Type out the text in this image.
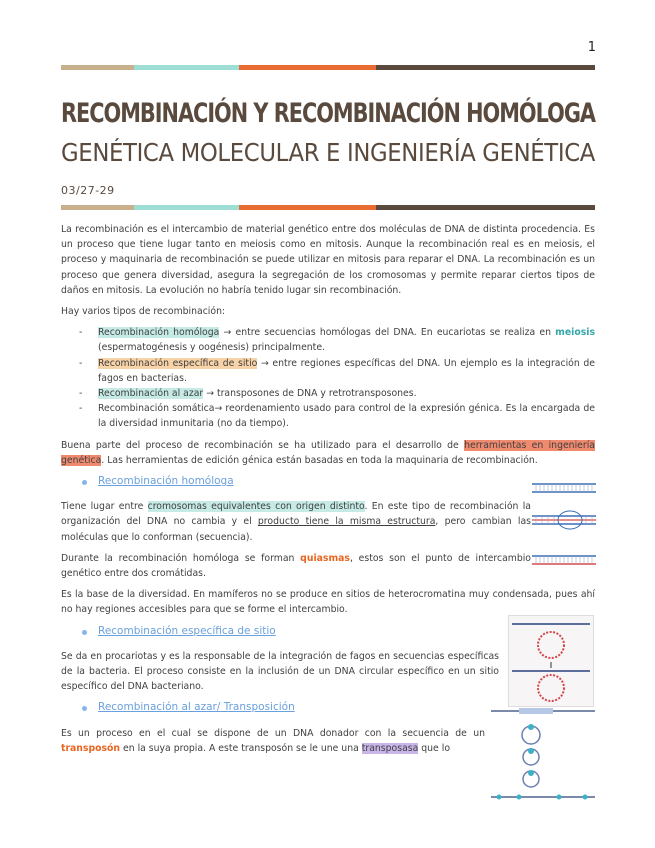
1
RECOMBINACIÓN Y RECOMBINACIÓN HOMÓLOGA
GENÉTICA MOLECULAR E INGENIERÍA GENÉTICA
03/27-29

La recombinación es el intercambio de material genético entre dos moléculas de DNA de distinta procedencia. Es un proceso que tiene lugar tanto en meiosis como en mitosis. Aunque la recombinación real es en meiosis, el proceso y maquinaria de recombinación se puede utilizar en mitosis para reparar el DNA. La recombinación es un proceso que genera diversidad, asegura la segregación de los cromosomas y permite reparar ciertos tipos de daños en mitosis. La evolución no habría tenido lugar sin recombinación.

Hay varios tipos de recombinación:

- Recombinación homóloga → entre secuencias homólogas del DNA. En eucariotas se realiza en meiosis (espermatogénesis y oogénesis) principalmente.
- Recombinación específica de sitio → entre regiones específicas del DNA. Un ejemplo es la integración de fagos en bacterias.
- Recombinación al azar → transposones de DNA y retrotransposones.
- Recombinación somática→ reordenamiento usado para control de la expresión génica. Es la encargada de la diversidad inmunitaria (no da tiempo).

Buena parte del proceso de recombinación se ha utilizado para el desarrollo de herramientas en ingeniería genética. Las herramientas de edición génica están basadas en toda la maquinaria de recombinación.

Recombinación homóloga

Tiene lugar entre cromosomas equivalentes con origen distinto. En este tipo de recombinación la organización del DNA no cambia y el producto tiene la misma estructura, pero cambian las moléculas que lo conforman (secuencia).

Durante la recombinación homóloga se forman quiasmas, estos son el punto de intercambio genético entre dos cromátidas.

Es la base de la diversidad. En mamíferos no se produce en sitios de heterocromatina muy condensada, pues ahí no hay regiones accesibles para que se forme el intercambio.

Recombinación específica de sitio

Se da en procariotas y es la responsable de la integración de fagos en secuencias específicas de la bacteria. El proceso consiste en la inclusión de un DNA circular específico en un sitio específico del DNA bacteriano.

Recombinación al azar/ Transposición

Es un proceso en el cual se dispone de un DNA donador con la secuencia de un transposón en la suya propia. A este transposón se le une una transposasa que lo
